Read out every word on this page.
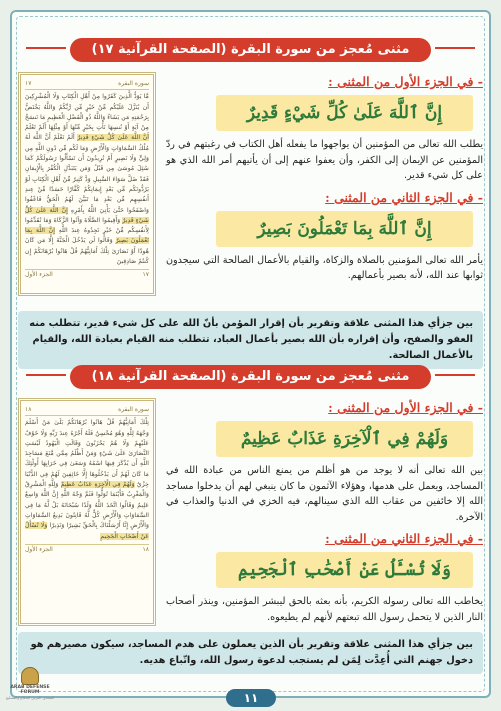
مثنى مُعجز من سورة البقرة (الصفحة القرآنية ١٧)
سورة البقرة
١٧
مَّا يَوَدُّ الَّذِينَ كَفَرُوا مِنْ أَهْلِ الْكِتَابِ وَلَا الْمُشْرِكِينَ أَن يُنَزَّلَ عَلَيْكُم مِّنْ خَيْرٍ مِّن رَّبِّكُمْ وَاللَّهُ يَخْتَصُّ بِرَحْمَتِهِ مَن يَشَاءُ وَاللَّهُ ذُو الْفَضْلِ الْعَظِيمِ مَا نَنسَخْ مِنْ آيَةٍ أَوْ نُنسِهَا نَأْتِ بِخَيْرٍ مِّنْهَا أَوْ مِثْلِهَا أَلَمْ تَعْلَمْ أَنَّ اللَّهَ عَلَىٰ كُلِّ شَيْءٍ قَدِيرٌ أَلَمْ تَعْلَمْ أَنَّ اللَّهَ لَهُ مُلْكُ السَّمَاوَاتِ وَالْأَرْضِ وَمَا لَكُم مِّن دُونِ اللَّهِ مِن وَلِيٍّ وَلَا نَصِيرٍ أَمْ تُرِيدُونَ أَن تَسْأَلُوا رَسُولَكُمْ كَمَا سُئِلَ مُوسَىٰ مِن قَبْلُ وَمَن يَتَبَدَّلِ الْكُفْرَ بِالْإِيمَانِ فَقَدْ ضَلَّ سَوَاءَ السَّبِيلِ وَدَّ كَثِيرٌ مِّنْ أَهْلِ الْكِتَابِ لَوْ يَرُدُّونَكُم مِّن بَعْدِ إِيمَانِكُمْ كُفَّارًا حَسَدًا مِّنْ عِندِ أَنفُسِهِم مِّن بَعْدِ مَا تَبَيَّنَ لَهُمُ الْحَقُّ فَاعْفُوا وَاصْفَحُوا حَتَّىٰ يَأْتِيَ اللَّهُ بِأَمْرِهِ إِنَّ اللَّهَ عَلَىٰ كُلِّ شَيْءٍ قَدِيرٌ وَأَقِيمُوا الصَّلَاةَ وَآتُوا الزَّكَاةَ وَمَا تُقَدِّمُوا لِأَنفُسِكُم مِّنْ خَيْرٍ تَجِدُوهُ عِندَ اللَّهِ إِنَّ اللَّهَ بِمَا تَعْمَلُونَ بَصِيرٌ وَقَالُوا لَن يَدْخُلَ الْجَنَّةَ إِلَّا مَن كَانَ هُودًا أَوْ نَصَارَىٰ تِلْكَ أَمَانِيُّهُمْ قُلْ هَاتُوا بُرْهَانَكُمْ إِن كُنتُمْ صَادِقِينَ
١٧
الجزء الأول
- في الجزء الأول من المثنى :
إِنَّ ٱللَّهَ عَلَىٰ كُلِّ شَيْءٍ قَدِيرٌ
يطلب الله تعالى من المؤمنين أن يواجهوا ما يفعله أهل الكتاب في رغبتهم في ردّ المؤمنين عن الإيمان إلى الكفر، وأن يعفوا عنهم إلى أن يأتيهم أمر الله الذي هو على كل شيء قدير.
- في الجزء الثاني من المثنى :
إِنَّ ٱللَّهَ بِمَا تَعْمَلُونَ بَصِيرٌ
يأمر الله تعالى المؤمنين بالصلاة والزكاة، والقيام بالأعمال الصالحة التي سيجدون ثوابها عند الله، لأنه بصير بأعمالهم.
بين جزأي هذا المثنى علاقة وتقرير بأن إقرار المؤمن بأنّ الله على كل شيء قدير، تتطلب منه العفو والصفح، وأن إقراره بأن الله بصير بأعمال العباد، تتطلب منه القيام بعبادة الله، والقيام بالأعمال الصالحة.
مثنى مُعجز من سورة البقرة (الصفحة القرآنية ١٨)
سورة البقرة
١٨
تِلْكَ أَمَانِيُّهُمْ قُلْ هَاتُوا بُرْهَانَكُمْ بَلَىٰ مَنْ أَسْلَمَ وَجْهَهُ لِلَّهِ وَهُوَ مُحْسِنٌ فَلَهُ أَجْرُهُ عِندَ رَبِّهِ وَلَا خَوْفٌ عَلَيْهِمْ وَلَا هُمْ يَحْزَنُونَ وَقَالَتِ الْيَهُودُ لَيْسَتِ النَّصَارَىٰ عَلَىٰ شَيْءٍ وَمَنْ أَظْلَمُ مِمَّن مَّنَعَ مَسَاجِدَ اللَّهِ أَن يُذْكَرَ فِيهَا اسْمُهُ وَسَعَىٰ فِي خَرَابِهَا أُولَٰئِكَ مَا كَانَ لَهُمْ أَن يَدْخُلُوهَا إِلَّا خَائِفِينَ لَهُمْ فِي الدُّنْيَا خِزْيٌ وَلَهُمْ فِي الْآخِرَةِ عَذَابٌ عَظِيمٌ وَلِلَّهِ الْمَشْرِقُ وَالْمَغْرِبُ فَأَيْنَمَا تُوَلُّوا فَثَمَّ وَجْهُ اللَّهِ إِنَّ اللَّهَ وَاسِعٌ عَلِيمٌ وَقَالُوا اتَّخَذَ اللَّهُ وَلَدًا سُبْحَانَهُ بَلْ لَّهُ مَا فِي السَّمَاوَاتِ وَالْأَرْضِ كُلٌّ لَّهُ قَانِتُونَ بَدِيعُ السَّمَاوَاتِ وَالْأَرْضِ إِنَّا أَرْسَلْنَاكَ بِالْحَقِّ بَشِيرًا وَنَذِيرًا وَلَا تُسْأَلُ عَنْ أَصْحَابِ الْجَحِيمِ
١٨
الجزء الأول
- في الجزء الأول من المثنى :
وَلَهُمْ فِي ٱلْآخِرَةِ عَذَابٌ عَظِيمٌ
بين الله تعالى أنه لا يوجد من هو أظلم من يمنع الناس من عبادة الله في المساجد، ويعمل على هدمها، وهؤلاء الآثمون ما كان ينبغي لهم أن يدخلوا مساجد الله إلا خائفين من عقاب الله الذي سينالهم، فيه الخزي في الدنيا والعذاب في الآخرة.
- في الجزء الثاني من المثنى :
وَلَا تُسْـَٔلُ عَنْ أَصْحَٰبِ ٱلْجَحِيمِ
يخاطب الله تعالى رسوله الكريم، بأنه بعثه بالحق ليبشر المؤمنين، وينذر أصحاب النار الذين لا يتحمل رسول الله تبعتهم لأنهم لم يطيعوه.
بين جزأي هذا المثنى علاقة وتقرير بأن الذين يعملون على هدم المساجد، سيكون مصيرهم هو دخول جهنم التي أُعِدَّت لِمَن لم يستجب لدعوة رسول الله، واتّباع هديه.
١١
ARAB DEFENSE FORUM
المنتدى العربي للدفاع والتسليح
